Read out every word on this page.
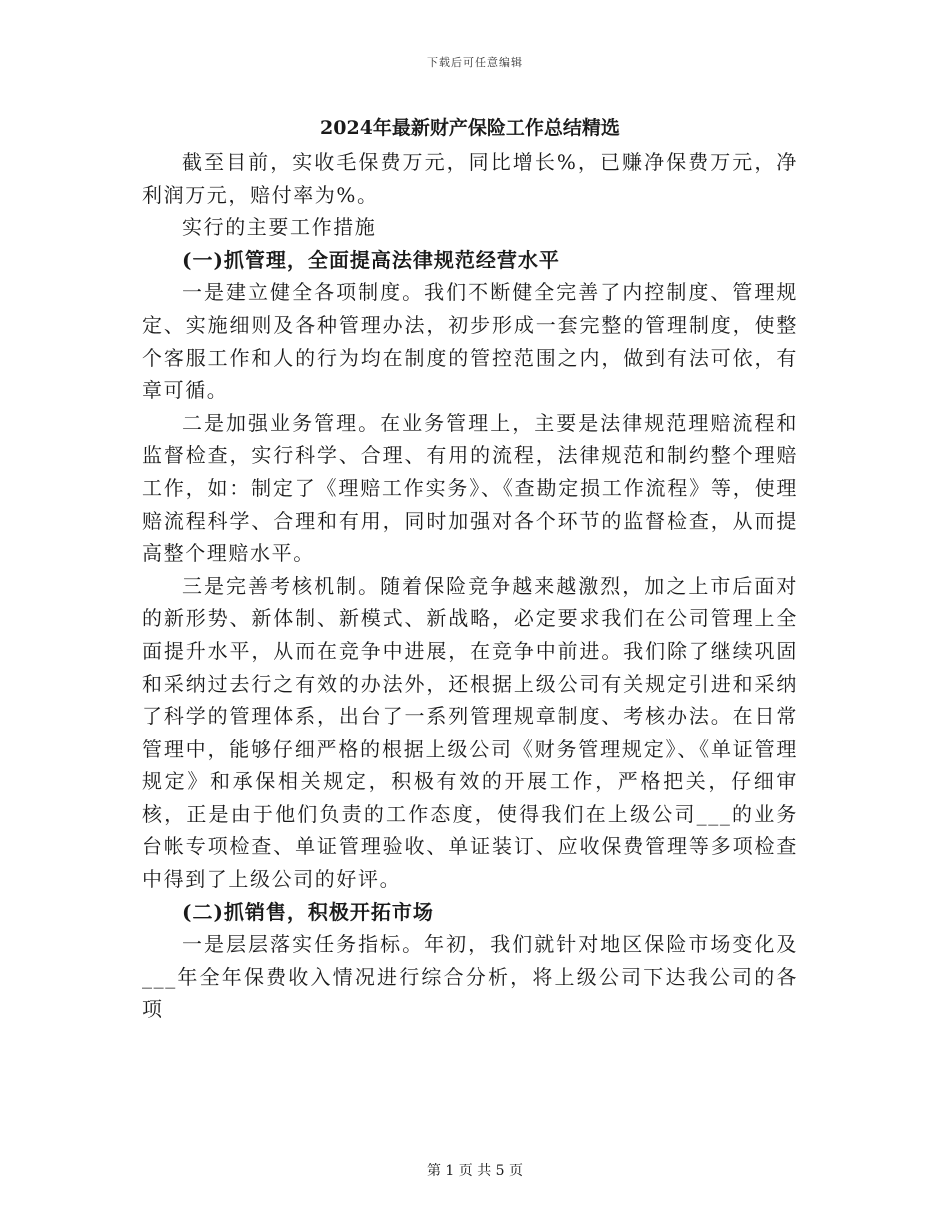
下载后可任意编辑
2024年最新财产保险工作总结精选

截至目前，实收毛保费万元，同比增长%，已赚净保费万元，净利润万元，赔付率为%。

实行的主要工作措施

(一)抓管理，全面提高法律规范经营水平

一是建立健全各项制度。我们不断健全完善了内控制度、管理规定、实施细则及各种管理办法，初步形成一套完整的管理制度，使整个客服工作和人的行为均在制度的管控范围之内，做到有法可依，有章可循。

二是加强业务管理。在业务管理上，主要是法律规范理赔流程和监督检查，实行科学、合理、有用的流程，法律规范和制约整个理赔工作，如：制定了《理赔工作实务》、《查勘定损工作流程》等，使理赔流程科学、合理和有用，同时加强对各个环节的监督检查，从而提高整个理赔水平。

三是完善考核机制。随着保险竞争越来越激烈，加之上市后面对的新形势、新体制、新模式、新战略，必定要求我们在公司管理上全面提升水平，从而在竞争中进展，在竞争中前进。我们除了继续巩固和采纳过去行之有效的办法外，还根据上级公司有关规定引进和采纳了科学的管理体系，出台了一系列管理规章制度、考核办法。在日常管理中，能够仔细严格的根据上级公司《财务管理规定》、《单证管理规定》和承保相关规定，积极有效的开展工作，严格把关，仔细审核，正是由于他们负责的工作态度，使得我们在上级公司___的业务台帐专项检查、单证管理验收、单证装订、应收保费管理等多项检查中得到了上级公司的好评。

(二)抓销售，积极开拓市场

一是层层落实任务指标。年初，我们就针对地区保险市场变化及___年全年保费收入情况进行综合分析，将上级公司下达我公司的各项

第 1 页 共 5 页
